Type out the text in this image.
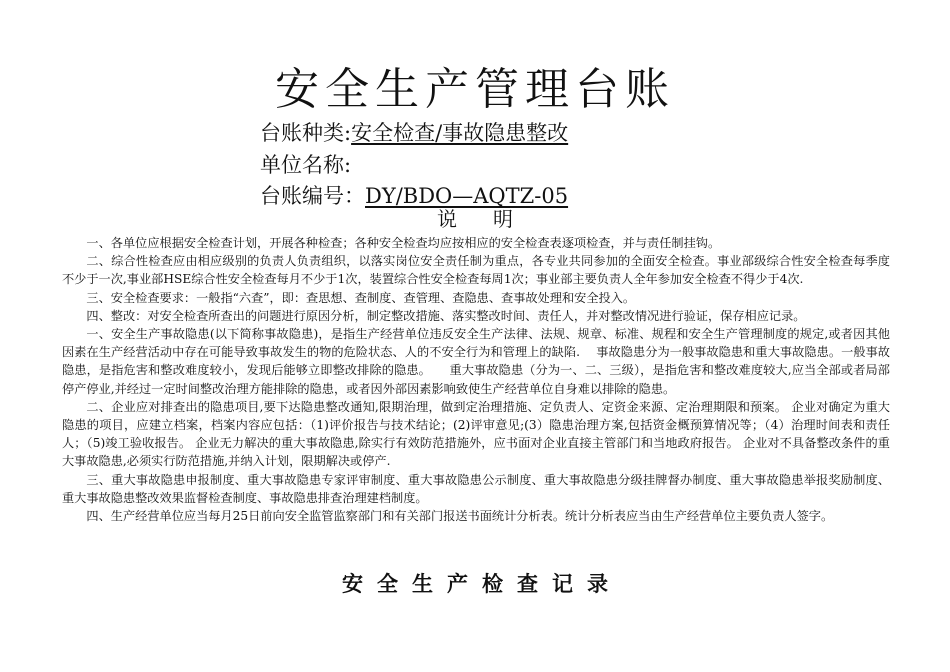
安全生产管理台账
台账种类:安全检查/事故隐患整改
单位名称:
台账编号：DY/BDO—AQTZ-05
说明

一、各单位应根据安全检查计划，开展各种检查；各种安全检查均应按相应的安全检查表逐项检查，并与责任制挂钩。

二、综合性检查应由相应级别的负责人负责组织，以落实岗位安全责任制为重点，各专业共同参加的全面安全检查。事业部级综合性安全检查每季度不少于一次,事业部HSE综合性安全检查每月不少于1次，装置综合性安全检查每周1次；事业部主要负责人全年参加安全检查不得少于4次.

三、安全检查要求：一般指“六查”，即：查思想、查制度、查管理、查隐患、查事故处理和安全投入。

四、整改：对安全检查所查出的问题进行原因分析，制定整改措施、落实整改时间、责任人，并对整改情况进行验证，保存相应记录。

一、安全生产事故隐患(以下简称事故隐患)，是指生产经营单位违反安全生产法律、法规、规章、标准、规程和安全生产管理制度的规定,或者因其他因素在生产经营活动中存在可能导致事故发生的物的危险状态、人的不安全行为和管理上的缺陷.　 事故隐患分为一般事故隐患和重大事故隐患。一般事故隐患，是指危害和整改难度较小，发现后能够立即整改排除的隐患。　　重大事故隐患（分为一、二、三级），是指危害和整改难度较大,应当全部或者局部停产停业,并经过一定时间整改治理方能排除的隐患，或者因外部因素影响致使生产经营单位自身难以排除的隐患。

二、企业应对排查出的隐患项目,要下达隐患整改通知,限期治理，做到定治理措施、定负责人、定资金来源、定治理期限和预案。 企业对确定为重大隐患的项目，应建立档案，档案内容应包括：（1)评价报告与技术结论；(2)评审意见;(3）隐患治理方案,包括资金概预算情况等；（4）治理时间表和责任人；（5)竣工验收报告。 企业无力解决的重大事故隐患,除实行有效防范措施外，应书面对企业直接主管部门和当地政府报告。 企业对不具备整改条件的重大事故隐患,必须实行防范措施,并纳入计划，限期解决或停产.

三、重大事故隐患申报制度、重大事故隐患专家评审制度、重大事故隐患公示制度、重大事故隐患分级挂牌督办制度、重大事故隐患举报奖励制度、重大事故隐患整改效果监督检查制度、事故隐患排查治理建档制度。

四、生产经营单位应当每月25日前向安全监管监察部门和有关部门报送书面统计分析表。统计分析表应当由生产经营单位主要负责人签字。

安全生产检查记录
